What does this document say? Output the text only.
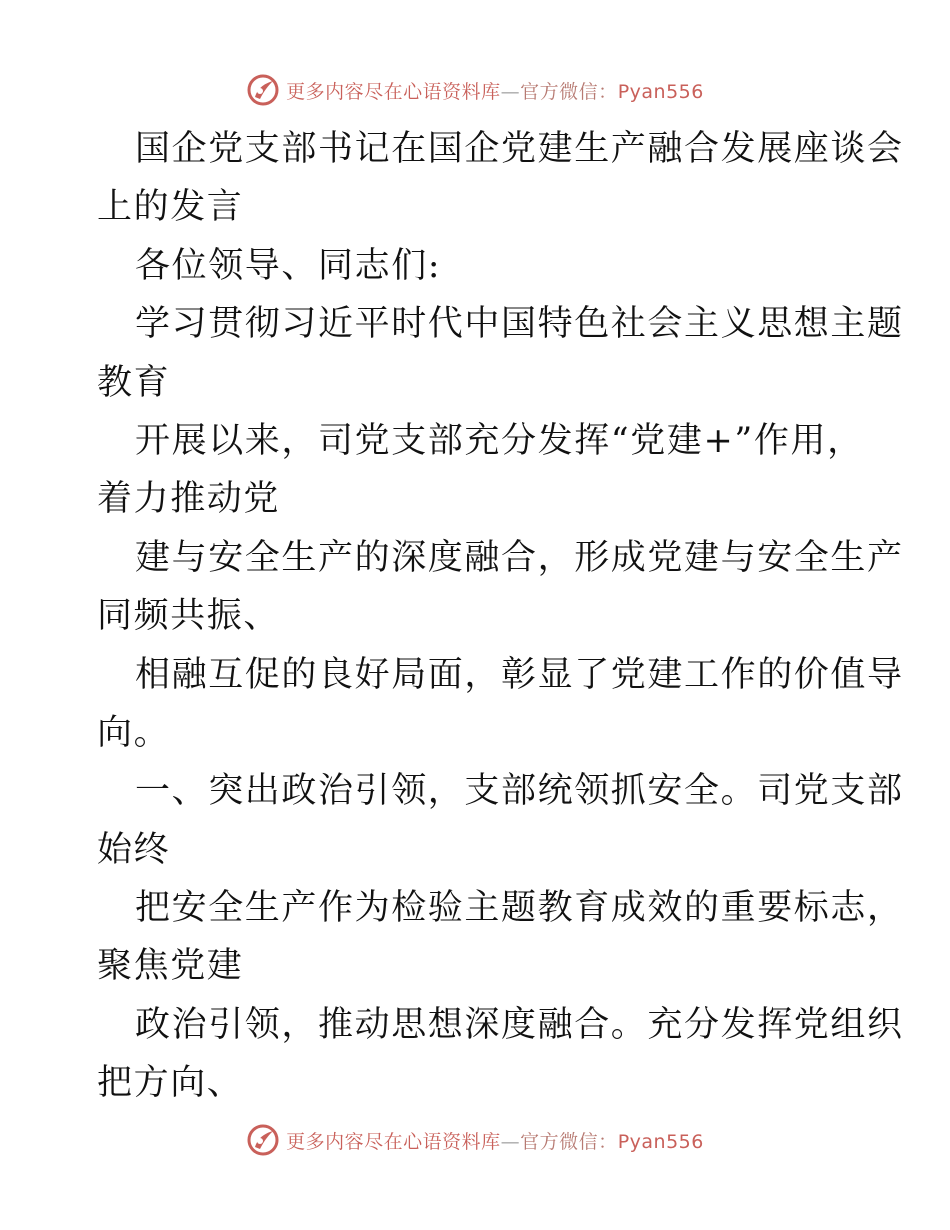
更多内容尽在心语资料库—官方微信：Pyan556
国企党支部书记在国企党建生产融合发展座谈会
上的发言
各位领导、同志们:
学习贯彻习近平时代中国特色社会主义思想主题
教育
开展以来，司党支部充分发挥“党建+”作用，
着力推动党
建与安全生产的深度融合，形成党建与安全生产
同频共振、
相融互促的良好局面，彰显了党建工作的价值导
向。
一、突出政治引领，支部统领抓安全。司党支部
始终
把安全生产作为检验主题教育成效的重要标志，
聚焦党建
政治引领，推动思想深度融合。充分发挥党组织
把方向、
更多内容尽在心语资料库—官方微信：Pyan556
